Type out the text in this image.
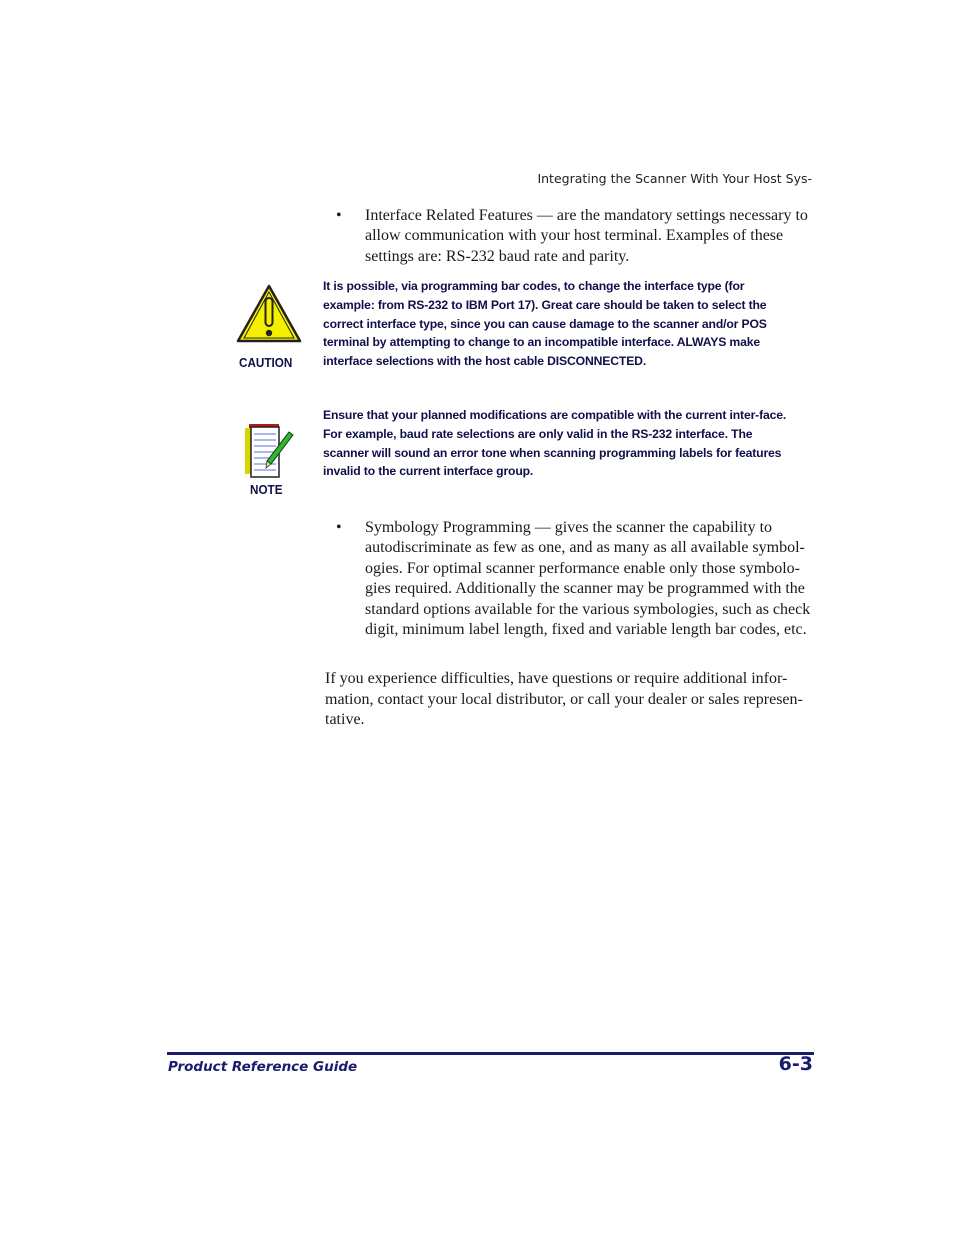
Integrating the Scanner With Your Host Sys-
• Interface Related Features — are the mandatory settings necessary to allow communication with your host terminal. Examples of these settings are: RS-232 baud rate and parity.
CAUTION
It is possible, via programming bar codes, to change the interface type (for example: from RS-232 to IBM Port 17). Great care should be taken to select the correct interface type, since you can cause damage to the scanner and/or POS terminal by attempting to change to an incompatible interface. ALWAYS make interface selections with the host cable DISCONNECTED.
NOTE
Ensure that your planned modifications are compatible with the current inter-face. For example, baud rate selections are only valid in the RS-232 interface. The scanner will sound an error tone when scanning programming labels for features invalid to the current interface group.
• Symbology Programming — gives the scanner the capability to autodiscriminate as few as one, and as many as all available symbol-ogies. For optimal scanner performance enable only those symbolo-gies required. Additionally the scanner may be programmed with the standard options available for the various symbologies, such as check digit, minimum label length, fixed and variable length bar codes, etc.
If you experience difficulties, have questions or require additional infor-mation, contact your local distributor, or call your dealer or sales represen-tative.
Product Reference Guide	6-3
